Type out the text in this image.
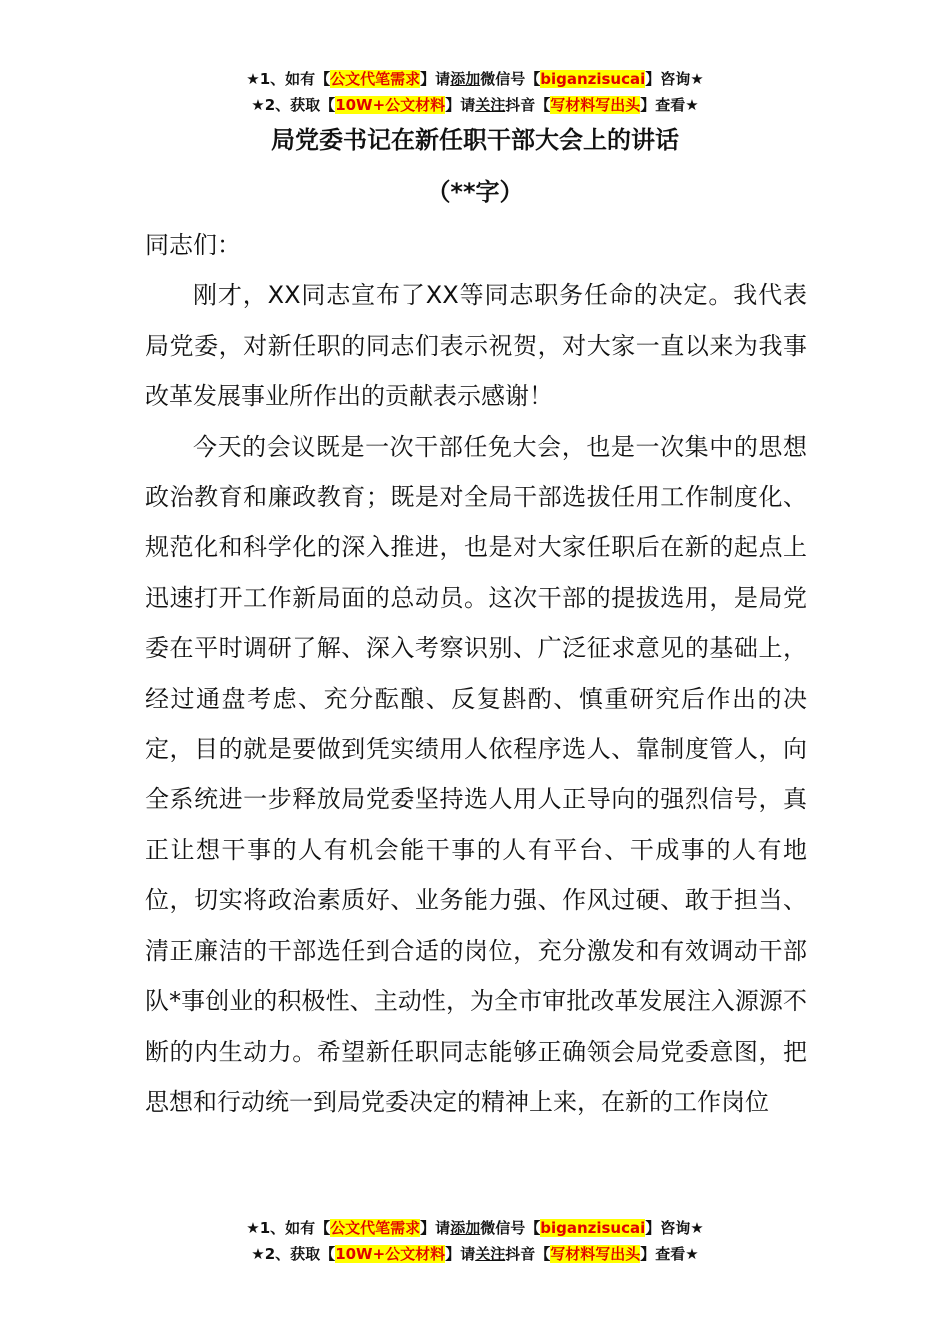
★1、如有【公文代笔需求】请添加微信号【biganzisucai】咨询★
★2、获取【10W+公文材料】请关注抖音【写材料写出头】查看★
局党委书记在新任职干部大会上的讲话
（**字）

同志们：

刚才，XX同志宣布了XX等同志职务任命的决定。我代表局党委，对新任职的同志们表示祝贺，对大家一直以来为我事改革发展事业所作出的贡献表示感谢！

今天的会议既是一次干部任免大会，也是一次集中的思想政治教育和廉政教育；既是对全局干部选拔任用工作制度化、规范化和科学化的深入推进，也是对大家任职后在新的起点上迅速打开工作新局面的总动员。这次干部的提拔选用，是局党委在平时调研了解、深入考察识别、广泛征求意见的基础上，经过通盘考虑、充分酝酿、反复斟酌、慎重研究后作出的决定，目的就是要做到凭实绩用人依程序选人、靠制度管人，向全系统进一步释放局党委坚持选人用人正导向的强烈信号，真正让想干事的人有机会能干事的人有平台、干成事的人有地位，切实将政治素质好、业务能力强、作风过硬、敢于担当、清正廉洁的干部选任到合适的岗位，充分激发和有效调动干部队*事创业的积极性、主动性，为全市审批改革发展注入源源不断的内生动力。希望新任职同志能够正确领会局党委意图，把思想和行动统一到局党委决定的精神上来，在新的工作岗位

★1、如有【公文代笔需求】请添加微信号【biganzisucai】咨询★
★2、获取【10W+公文材料】请关注抖音【写材料写出头】查看★
